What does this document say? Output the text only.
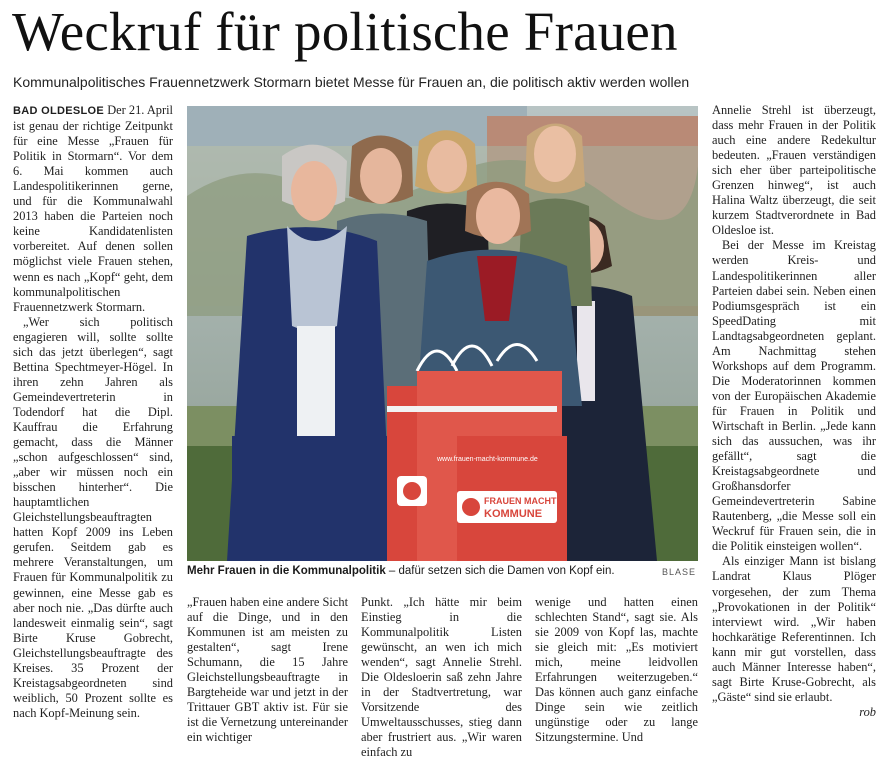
Weckruf für politische Frauen
Kommunalpolitisches Frauennetzwerk Stormarn bietet Messe für Frauen an, die politisch aktiv werden wollen

BAD OLDESLOE Der 21. April ist genau der richtige Zeitpunkt für eine Messe „Frauen für Politik in Stormarn“. Vor dem 6. Mai kommen auch Landespolitikerinnen gerne, und für die Kommunalwahl 2013 haben die Parteien noch keine Kandidatenlisten vorbereitet. Auf denen sollen möglichst viele Frauen stehen, wenn es nach „Kopf“ geht, dem kommunalpolitischen Frauennetzwerk Stormarn.

„Wer sich politisch engagieren will, sollte sollte sich das jetzt überlegen“, sagt Bettina Spechtmeyer-Högel. In ihren zehn Jahren als Gemeindevertreterin in Todendorf hat die Dipl. Kauffrau die Erfahrung gemacht, dass die Männer „schon aufgeschlossen“ sind, „aber wir müssen noch ein bisschen hinterher“. Die hauptamtlichen Gleichstellungsbeauftragten hatten Kopf 2009 ins Leben gerufen. Seitdem gab es mehrere Veranstaltungen, um Frauen für Kommunalpolitik zu gewinnen, eine Messe gab es aber noch nie. „Das dürfte auch landesweit einmalig sein“, sagt Birte Kruse Gobrecht, Gleichstellungsbeauftragte des Kreises. 35 Prozent der Kreistagsabgeordneten sind weiblich, 50 Prozent sollte es nach Kopf-Meinung sein.

FRAUEN MACHT
KOMMUNE
www.frauen-macht-kommune.de
Mehr Frauen in die Kommunalpolitik – dafür setzen sich die Damen von Kopf ein.	BLASE

„Frauen haben eine andere Sicht auf die Dinge, und in den Kommunen ist am meisten zu gestalten“, sagt Irene Schumann, die 15 Jahre Gleichstellungsbeauftragte in Bargteheide war und jetzt in der Trittauer GBT aktiv ist. Für sie ist die Vernetzung untereinander ein wichtiger

Punkt. „Ich hätte mir beim Einstieg in die Kommunalpolitik Listen gewünscht, an wen ich mich wenden“, sagt Annelie Strehl. Die Oldesloerin saß zehn Jahre in der Stadtvertretung, war Vorsitzende des Umweltausschusses, stieg dann aber frustriert aus. „Wir waren einfach zu

wenige und hatten einen schlechten Stand“, sagt sie. Als sie 2009 von Kopf las, machte sie gleich mit: „Es motiviert mich, meine leidvollen Erfahrungen weiterzugeben.“ Das können auch ganz einfache Dinge sein wie zeitlich ungünstige oder zu lange Sitzungstermine. Und

Annelie Strehl ist überzeugt, dass mehr Frauen in der Politik auch eine andere Redekultur bedeuten. „Frauen verständigen sich eher über parteipolitische Grenzen hinweg“, ist auch Halina Waltz überzeugt, die seit kurzem Stadtverordnete in Bad Oldesloe ist.

Bei der Messe im Kreistag werden Kreis- und Landespolitikerinnen aller Parteien dabei sein. Neben einen Podiumsgespräch ist ein SpeedDating mit Landtagsabgeordneten geplant. Am Nachmittag stehen Workshops auf dem Programm. Die Moderatorinnen kommen von der Europäischen Akademie für Frauen in Politik und Wirtschaft in Berlin. „Jede kann sich das aussuchen, was ihr gefällt“, sagt die Kreistagsabgeordnete und Großhansdorfer Gemeindevertreterin Sabine Rautenberg, „die Messe soll ein Weckruf für Frauen sein, die in die Politik einsteigen wollen“.

Als einziger Mann ist bislang Landrat Klaus Plöger vorgesehen, der zum Thema „Provokationen in der Politik“ interviewt wird. „Wir haben hochkarätige Referentinnen. Ich kann mir gut vorstellen, dass auch Männer Interesse haben“, sagt Birte Kruse-Gobrecht, als „Gäste“ sind sie erlaubt.

rob
